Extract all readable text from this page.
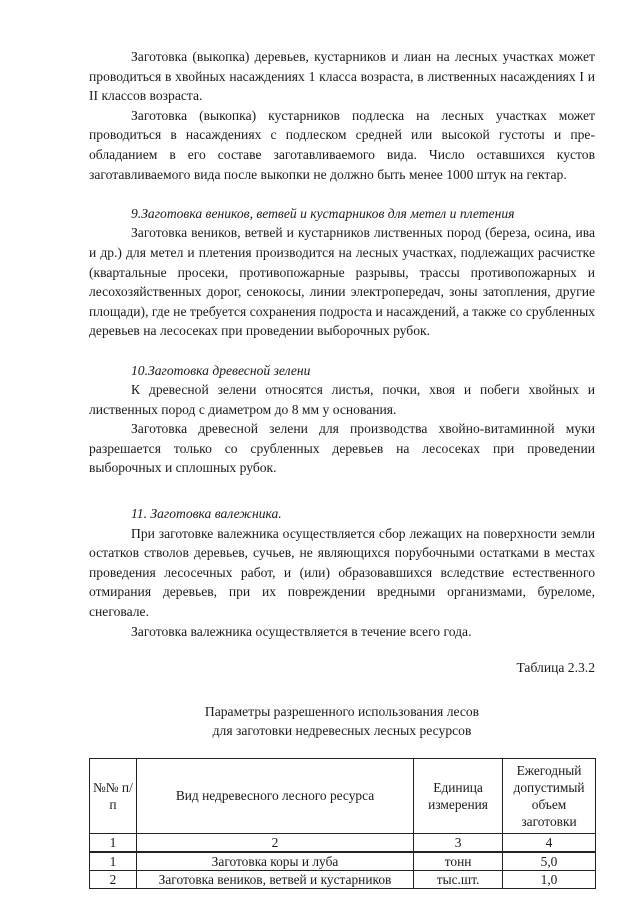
Заготовка (выкопка) деревьев, кустарников и лиан на лесных участках может проводиться в хвойных насаждениях 1 класса возраста, в лиственных насаждениях I и II классов возраста.

Заготовка (выкопка) кустарников подлеска на лесных участках может проводиться в насаждениях с подлеском средней или высокой густоты и пре-обладанием в его составе заготавливаемого вида. Число оставшихся кустов заготавливаемого вида после выкопки не должно быть менее 1000 штук на гектар.

9.Заготовка веников, ветвей и кустарников для метел и плетения

Заготовка веников, ветвей и кустарников лиственных пород (береза, осина, ива и др.) для метел и плетения производится на лесных участках, подлежащих расчистке (квартальные просеки, противопожарные разрывы, трассы противопожарных и лесохозяйственных дорог, сенокосы, линии электропередач, зоны затопления, другие площади), где не требуется сохранения подроста и насаждений, а также со срубленных деревьев на лесосеках при проведении выборочных рубок.

10.Заготовка древесной зелени

К древесной зелени относятся листья, почки, хвоя и побеги хвойных и лиственных пород с диаметром до 8 мм у основания.

Заготовка древесной зелени для производства хвойно-витаминной муки разрешается только со срубленных деревьев на лесосеках при проведении выборочных и сплошных рубок.

11. Заготовка валежника.

При заготовке валежника осуществляется сбор лежащих на поверхности земли остатков стволов деревьев, сучьев, не являющихся порубочными остатками в местах проведения лесосечных работ, и (или) образовавшихся вследствие естественного отмирания деревьев, при их повреждении вредными организмами, буреломе, снеговале.

Заготовка валежника осуществляется в течение всего года.

Таблица 2.3.2
Параметры разрешенного использования лесов
для заготовки недревесных лесных ресурсов
№№ п/п	Вид недревесного лесного ресурса	Единица измерения	Ежегодный допустимый объем заготовки
1	2	3	4
1	Заготовка коры и луба	тонн	5,0
2	Заготовка веников, ветвей и кустарников	тыс.шт.	1,0
